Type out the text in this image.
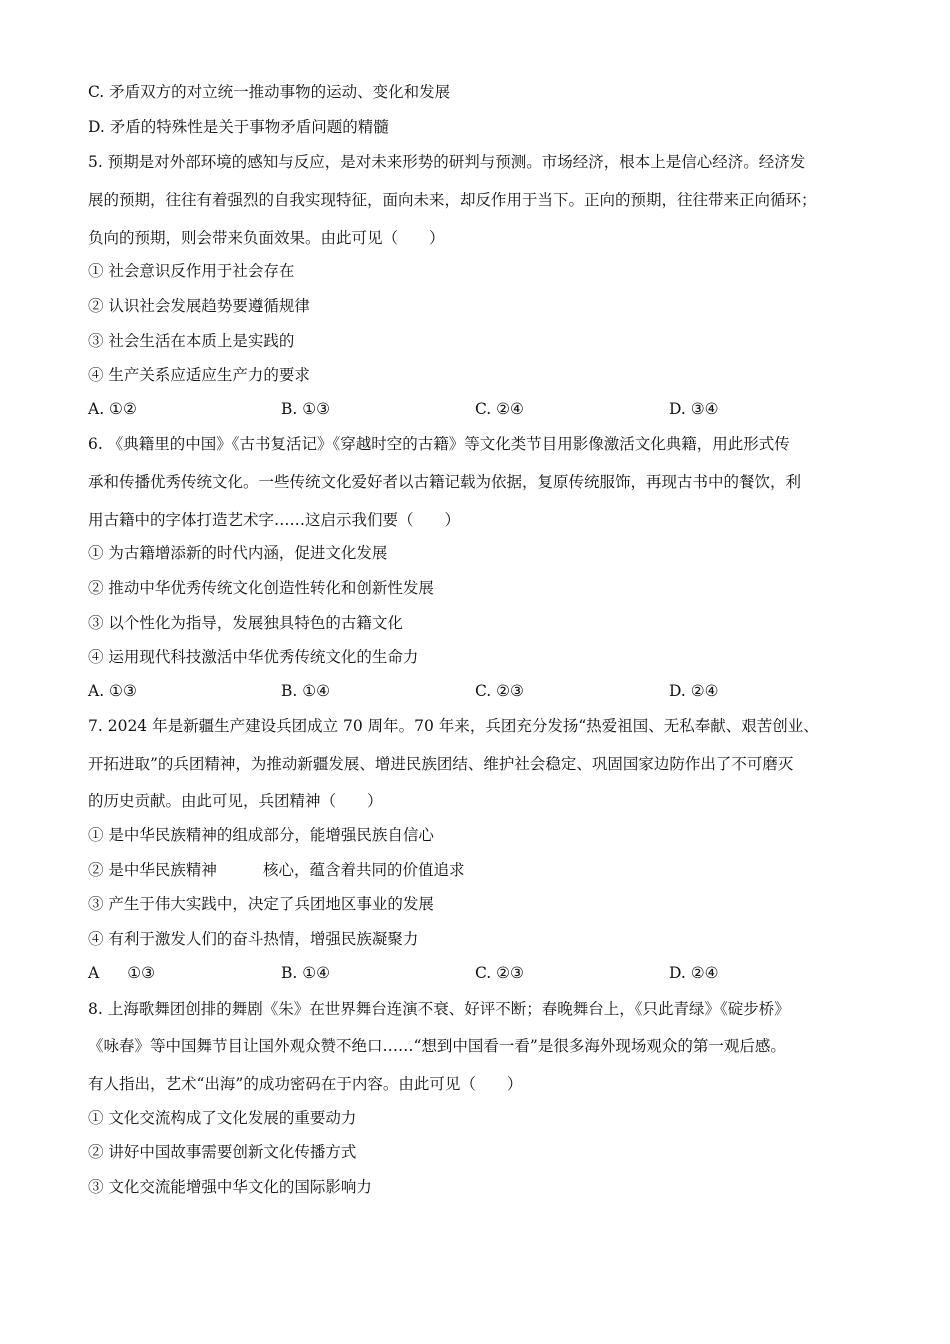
C. 矛盾双方的对立统一推动事物的运动、变化和发展
D. 矛盾的特殊性是关于事物矛盾问题的精髓
5. 预期是对外部环境的感知与反应，是对未来形势的研判与预测。市场经济，根本上是信心经济。经济发
展的预期，往往有着强烈的自我实现特征，面向未来，却反作用于当下。正向的预期，往往带来正向循环；
负向的预期，则会带来负面效果。由此可见（　　）
① 社会意识反作用于社会存在
② 认识社会发展趋势要遵循规律
③ 社会生活在本质上是实践的
④ 生产关系应适应生产力的要求
A. ①②	B. ①③	C. ②④	D. ③④
6. 《典籍里的中国》《古书复活记》《穿越时空的古籍》等文化类节目用影像激活文化典籍，用此形式传
承和传播优秀传统文化。一些传统文化爱好者以古籍记载为依据，复原传统服饰，再现古书中的餐饮，利
用古籍中的字体打造艺术字……这启示我们要（　　）
① 为古籍增添新的时代内涵，促进文化发展
② 推动中华优秀传统文化创造性转化和创新性发展
③ 以个性化为指导，发展独具特色的古籍文化
④ 运用现代科技激活中华优秀传统文化的生命力
A. ①③	B. ①④	C. ②③	D. ②④
7. 2024 年是新疆生产建设兵团成立 70 周年。70 年来，兵团充分发扬“热爱祖国、无私奉献、艰苦创业、
开拓进取”的兵团精神，为推动新疆发展、增进民族团结、维护社会稳定、巩固国家边防作出了不可磨灭
的历史贡献。由此可见，兵团精神（　　）
① 是中华民族精神的组成部分，能增强民族自信心
② 是中华民族精神	核心，蕴含着共同的价值追求
③ 产生于伟大实践中，决定了兵团地区事业的发展
④ 有利于激发人们的奋斗热情，增强民族凝聚力
A ①③	B. ①④	C. ②③	D. ②④
8. 上海歌舞团创排的舞剧《朱》在世界舞台连演不衰、好评不断；春晚舞台上，《只此青绿》《碇步桥》
《咏春》等中国舞节目让国外观众赞不绝口……“想到中国看一看”是很多海外现场观众的第一观后感。
有人指出，艺术“出海”的成功密码在于内容。由此可见（　　）
① 文化交流构成了文化发展的重要动力
② 讲好中国故事需要创新文化传播方式
③ 文化交流能增强中华文化的国际影响力
